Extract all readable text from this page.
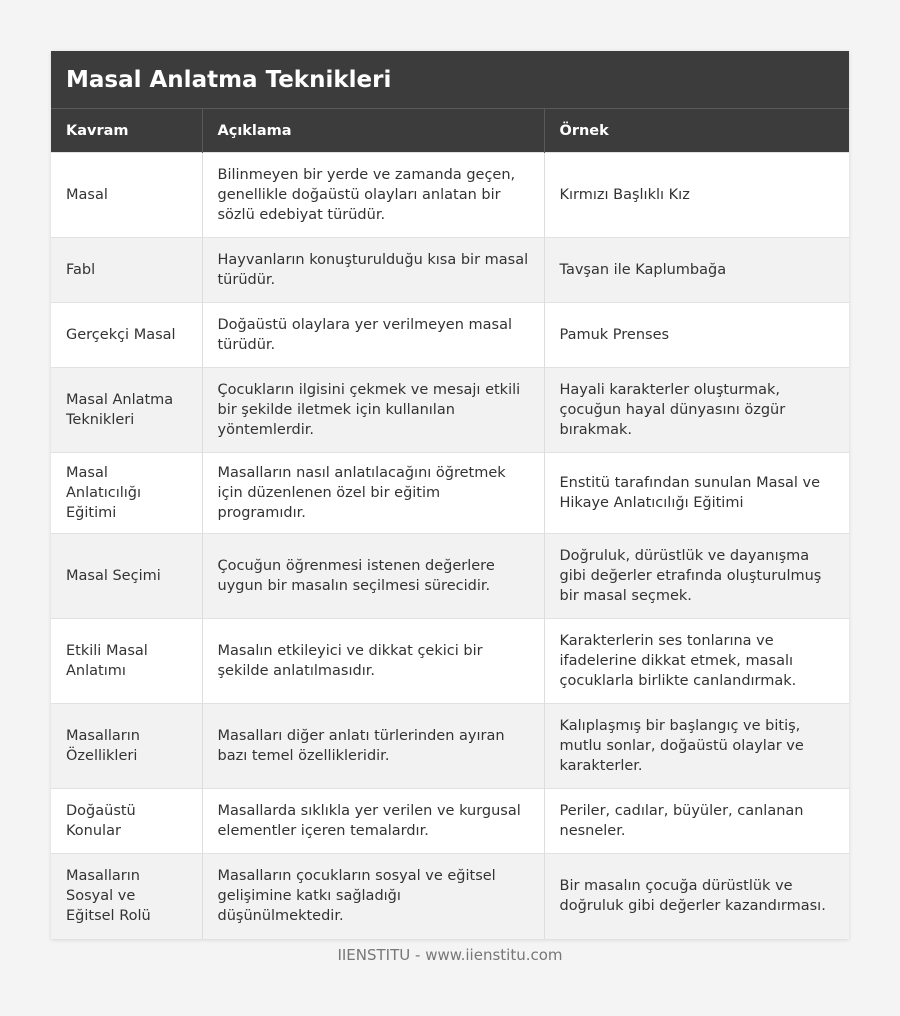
Masal Anlatma Teknikleri
Kavram	Açıklama	Örnek
Masal	Bilinmeyen bir yerde ve zamanda geçen, genellikle doğaüstü olayları anlatan bir sözlü edebiyat türüdür.	Kırmızı Başlıklı Kız
Fabl	Hayvanların konuşturulduğu kısa bir masal türüdür.	Tavşan ile Kaplumbağa
Gerçekçi Masal	Doğaüstü olaylara yer verilmeyen masal türüdür.	Pamuk Prenses
Masal Anlatma Teknikleri	Çocukların ilgisini çekmek ve mesajı etkili bir şekilde iletmek için kullanılan yöntemlerdir.	Hayali karakterler oluşturmak, çocuğun hayal dünyasını özgür bırakmak.
Masal Anlatıcılığı Eğitimi	Masalların nasıl anlatılacağını öğretmek için düzenlenen özel bir eğitim programıdır.	Enstitü tarafından sunulan Masal ve Hikaye Anlatıcılığı Eğitimi
Masal Seçimi	Çocuğun öğrenmesi istenen değerlere uygun bir masalın seçilmesi sürecidir.	Doğruluk, dürüstlük ve dayanışma gibi değerler etrafında oluşturulmuş bir masal seçmek.
Etkili Masal Anlatımı	Masalın etkileyici ve dikkat çekici bir şekilde anlatılmasıdır.	Karakterlerin ses tonlarına ve ifadelerine dikkat etmek, masalı çocuklarla birlikte canlandırmak.
Masalların Özellikleri	Masalları diğer anlatı türlerinden ayıran bazı temel özellikleridir.	Kalıplaşmış bir başlangıç ve bitiş, mutlu sonlar, doğaüstü olaylar ve karakterler.
Doğaüstü Konular	Masallarda sıklıkla yer verilen ve kurgusal elementler içeren temalardır.	Periler, cadılar, büyüler, canlanan nesneler.
Masalların Sosyal ve Eğitsel Rolü	Masalların çocukların sosyal ve eğitsel gelişimine katkı sağladığı düşünülmektedir.	Bir masalın çocuğa dürüstlük ve doğruluk gibi değerler kazandırması.
IIENSTITU - www.iienstitu.com
